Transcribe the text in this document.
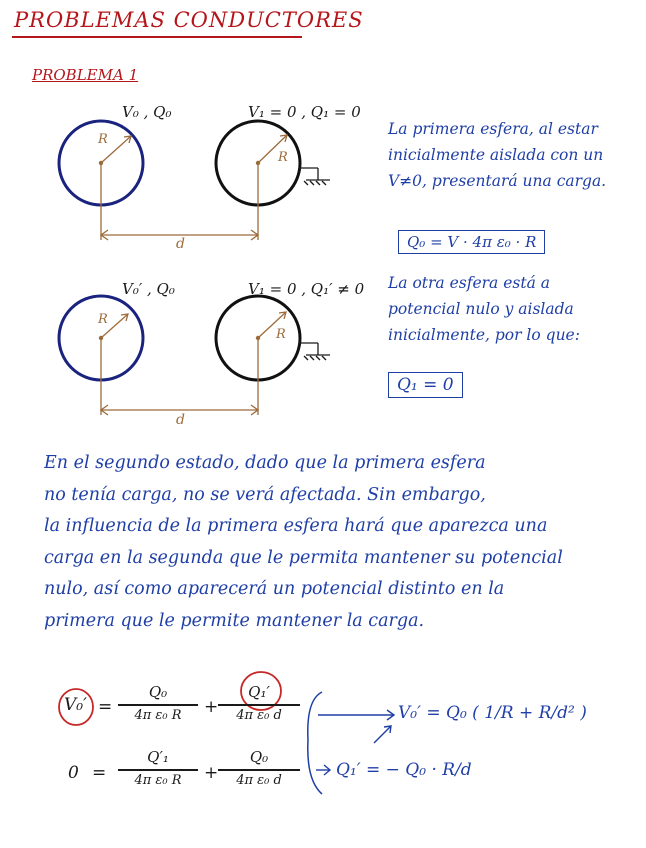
PROBLEMAS CONDUCTORES
PROBLEMA 1
V₀ , Q₀	V₁ = 0 , Q₁ = 0
R
R
d
V₀′ , Q₀	V₁ = 0 , Q₁′ ≠ 0
R
R
d
La primera esfera, al estar
inicialmente aislada con un
V≠0, presentará una carga.
Q₀ = V · 4π ε₀ · R
La otra esfera está a
potencial nulo y aislada
inicialmente, por lo que:
Q₁ = 0
En el segundo estado, dado que la primera esfera
no tenía carga, no se verá afectada. Sin embargo,
la influencia de la primera esfera hará que aparezca una
carga en la segunda que le permita mantener su potencial
nulo, así como aparecerá un potencial distinto en la
primera que le permite mantener la carga.
V₀′ =
Q₀
4π ε₀ R	+
Q₁′
4π ε₀ d
0 =
Q′₁
4π ε₀ R	+
Q₀
4π ε₀ d
V₀′ = Q₀ ( 1/R + R/d² )
Q₁′ = − Q₀ · R/d
